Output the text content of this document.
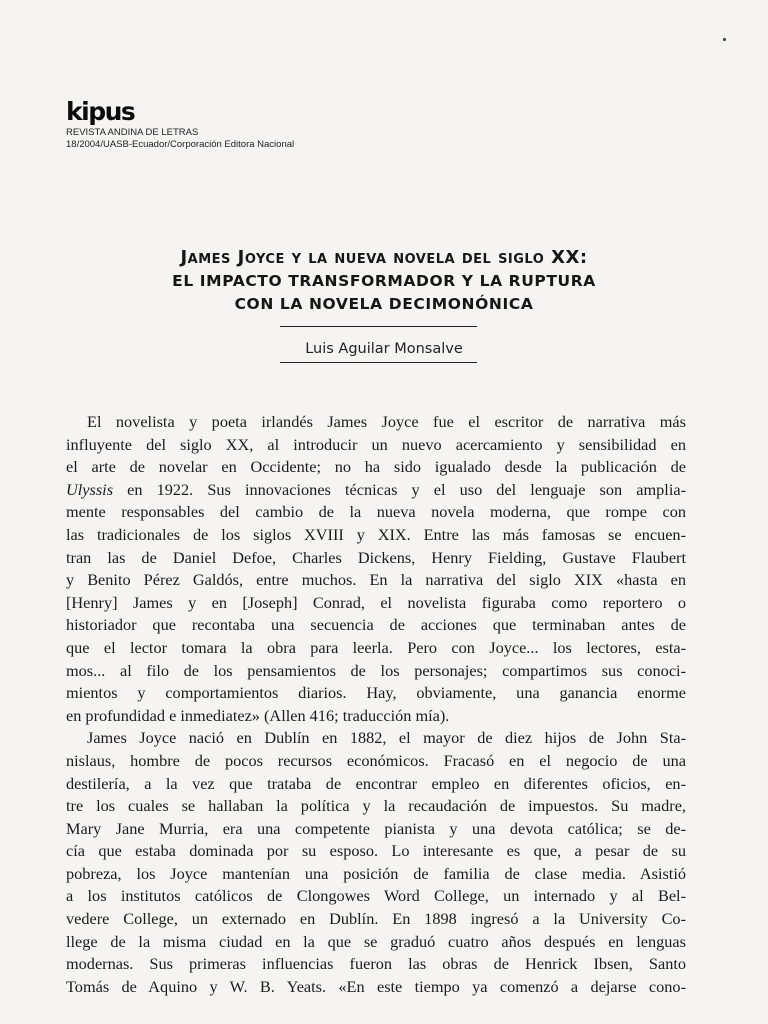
kipus
REVISTA ANDINA DE LETRAS
18/2004/UASB-Ecuador/Corporación Editora Nacional
James Joyce y la nueva novela del siglo XX:
EL IMPACTO TRANSFORMADOR Y LA RUPTURA
CON LA NOVELA DECIMONÓNICA
Luis Aguilar Monsalve
El novelista y poeta irlandés James Joyce fue el escritor de narrativa más
influyente del siglo XX, al introducir un nuevo acercamiento y sensibilidad en
el arte de novelar en Occidente; no ha sido igualado desde la publicación de
Ulyssis en 1922. Sus innovaciones técnicas y el uso del lenguaje son amplia-
mente responsables del cambio de la nueva novela moderna, que rompe con
las tradicionales de los siglos XVIII y XIX. Entre las más famosas se encuen-
tran las de Daniel Defoe, Charles Dickens, Henry Fielding, Gustave Flaubert
y Benito Pérez Galdós, entre muchos. En la narrativa del siglo XIX «hasta en
[Henry] James y en [Joseph] Conrad, el novelista figuraba como reportero o
historiador que recontaba una secuencia de acciones que terminaban antes de
que el lector tomara la obra para leerla. Pero con Joyce... los lectores, esta-
mos... al filo de los pensamientos de los personajes; compartimos sus conoci-
mientos y comportamientos diarios. Hay, obviamente, una ganancia enorme
en profundidad e inmediatez» (Allen 416; traducción mía).
James Joyce nació en Dublín en 1882, el mayor de diez hijos de John Sta-
nislaus, hombre de pocos recursos económicos. Fracasó en el negocio de una
destilería, a la vez que trataba de encontrar empleo en diferentes oficios, en-
tre los cuales se hallaban la política y la recaudación de impuestos. Su madre,
Mary Jane Murria, era una competente pianista y una devota católica; se de-
cía que estaba dominada por su esposo. Lo interesante es que, a pesar de su
pobreza, los Joyce mantenían una posición de familia de clase media. Asistió
a los institutos católicos de Clongowes Word College, un internado y al Bel-
vedere College, un externado en Dublín. En 1898 ingresó a la University Co-
llege de la misma ciudad en la que se graduó cuatro años después en lenguas
modernas. Sus primeras influencias fueron las obras de Henrick Ibsen, Santo
Tomás de Aquino y W. B. Yeats. «En este tiempo ya comenzó a dejarse cono-
